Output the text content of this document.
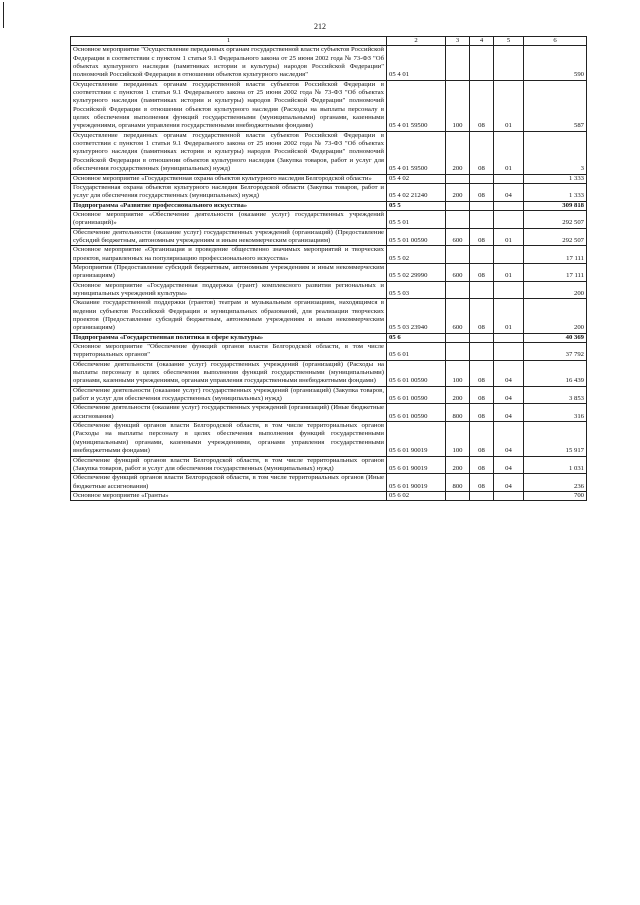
212
1	2	3	4	5	6
Основное мероприятие "Осуществление переданных органам государственной власти субъектов Российской Федерации в соответствии с пунктом 1 статьи 9.1 Федерального закона от 25 июня 2002 года № 73-ФЗ "Об объектах культурного наследия (памятниках истории и культуры) народов Российской Федерации" полномочий Российской Федерации в отношении объектов культурного наследия"	05 4 01				590
Осуществление переданных органам государственной власти субъектов Российской Федерации в соответствии с пунктом 1 статьи 9.1 Федерального закона от 25 июня 2002 года № 73-ФЗ "Об объектах культурного наследия (памятниках истории и культуры) народов Российской Федерации" полномочий Российской Федерации в отношении объектов культурного наследия (Расходы на выплаты персоналу в целях обеспечения выполнения функций государственными (муниципальными) органами, казенными учреждениями, органами управления государственными внебюджетными фондами)	05 4 01 59500	100	08	01	587
Осуществление переданных органам государственной власти субъектов Российской Федерации в соответствии с пунктом 1 статьи 9.1 Федерального закона от 25 июня 2002 года № 73-ФЗ "Об объектах культурного наследия (памятниках истории и культуры) народов Российской Федерации" полномочий Российской Федерации в отношении объектов культурного наследия (Закупка товаров, работ и услуг для обеспечения государственных (муниципальных) нужд)	05 4 01 59500	200	08	01	3
Основное мероприятие «Государственная охрана объектов культурного наследия Белгородской области»	05 4 02				1 333
Государственная охрана объектов культурного наследия Белгородской области (Закупка товаров, работ и услуг для обеспечения государственных (муниципальных) нужд)	05 4 02 21240	200	08	04	1 333
Подпрограмма «Развитие профессионального искусства»	05 5				309 818
Основное мероприятие «Обеспечение деятельности (оказание услуг) государственных учреждений (организаций)»	05 5 01				292 507
Обеспечение деятельности (оказание услуг) государственных учреждений (организаций) (Предоставление субсидий бюджетным, автономным учреждениям и иным некоммерческим организациям)	05 5 01 00590	600	08	01	292 507
Основное мероприятие «Организация и проведение общественно значимых мероприятий и творческих проектов, направленных на популяризацию профессионального искусства»	05 5 02				17 111
Мероприятия (Предоставление субсидий бюджетным, автономным учреждениям и иным некоммерческим организациям)	05 5 02 29990	600	08	01	17 111
Основное мероприятие «Государственная поддержка (грант) комплексного развития региональных и муниципальных учреждений культуры»	05 5 03				200
Оказание государственной поддержки (грантов) театрам и музыкальным организациям, находящимся в ведении субъектов Российской Федерации и муниципальных образований, для реализации творческих проектов (Предоставление субсидий бюджетным, автономным учреждениям и иным некоммерческим организациям)	05 5 03 23940	600	08	01	200
Подпрограмма «Государственная политика в сфере культуры»	05 6				40 369
Основное мероприятие "Обеспечение функций органов власти Белгородской области, в том числе территориальных органов"	05 6 01				37 792
Обеспечение деятельности (оказание услуг) государственных учреждений (организаций) (Расходы на выплаты персоналу в целях обеспечения выполнения функций государственными (муниципальными) органами, казенными учреждениями, органами управления государственными внебюджетными фондами)	05 6 01 00590	100	08	04	16 439
Обеспечение деятельности (оказание услуг) государственных учреждений (организаций) (Закупка товаров, работ и услуг для обеспечения государственных (муниципальных) нужд)	05 6 01 00590	200	08	04	3 853
Обеспечение деятельности (оказание услуг) государственных учреждений (организаций) (Иные бюджетные ассигнования)	05 6 01 00590	800	08	04	316
Обеспечение функций органов власти Белгородской области, в том числе территориальных органов (Расходы на выплаты персоналу в целях обеспечения выполнения функций государственными (муниципальными) органами, казенными учреждениями, органами управления государственными внебюджетными фондами)	05 6 01 90019	100	08	04	15 917
Обеспечение функций органов власти Белгородской области, в том числе территориальных органов (Закупка товаров, работ и услуг для обеспечения государственных (муниципальных) нужд)	05 6 01 90019	200	08	04	1 031
Обеспечение функций органов власти Белгородской области, в том числе территориальных органов (Иные бюджетные ассигнования)	05 6 01 90019	800	08	04	236
Основное мероприятие «Гранты»	05 6 02				700
